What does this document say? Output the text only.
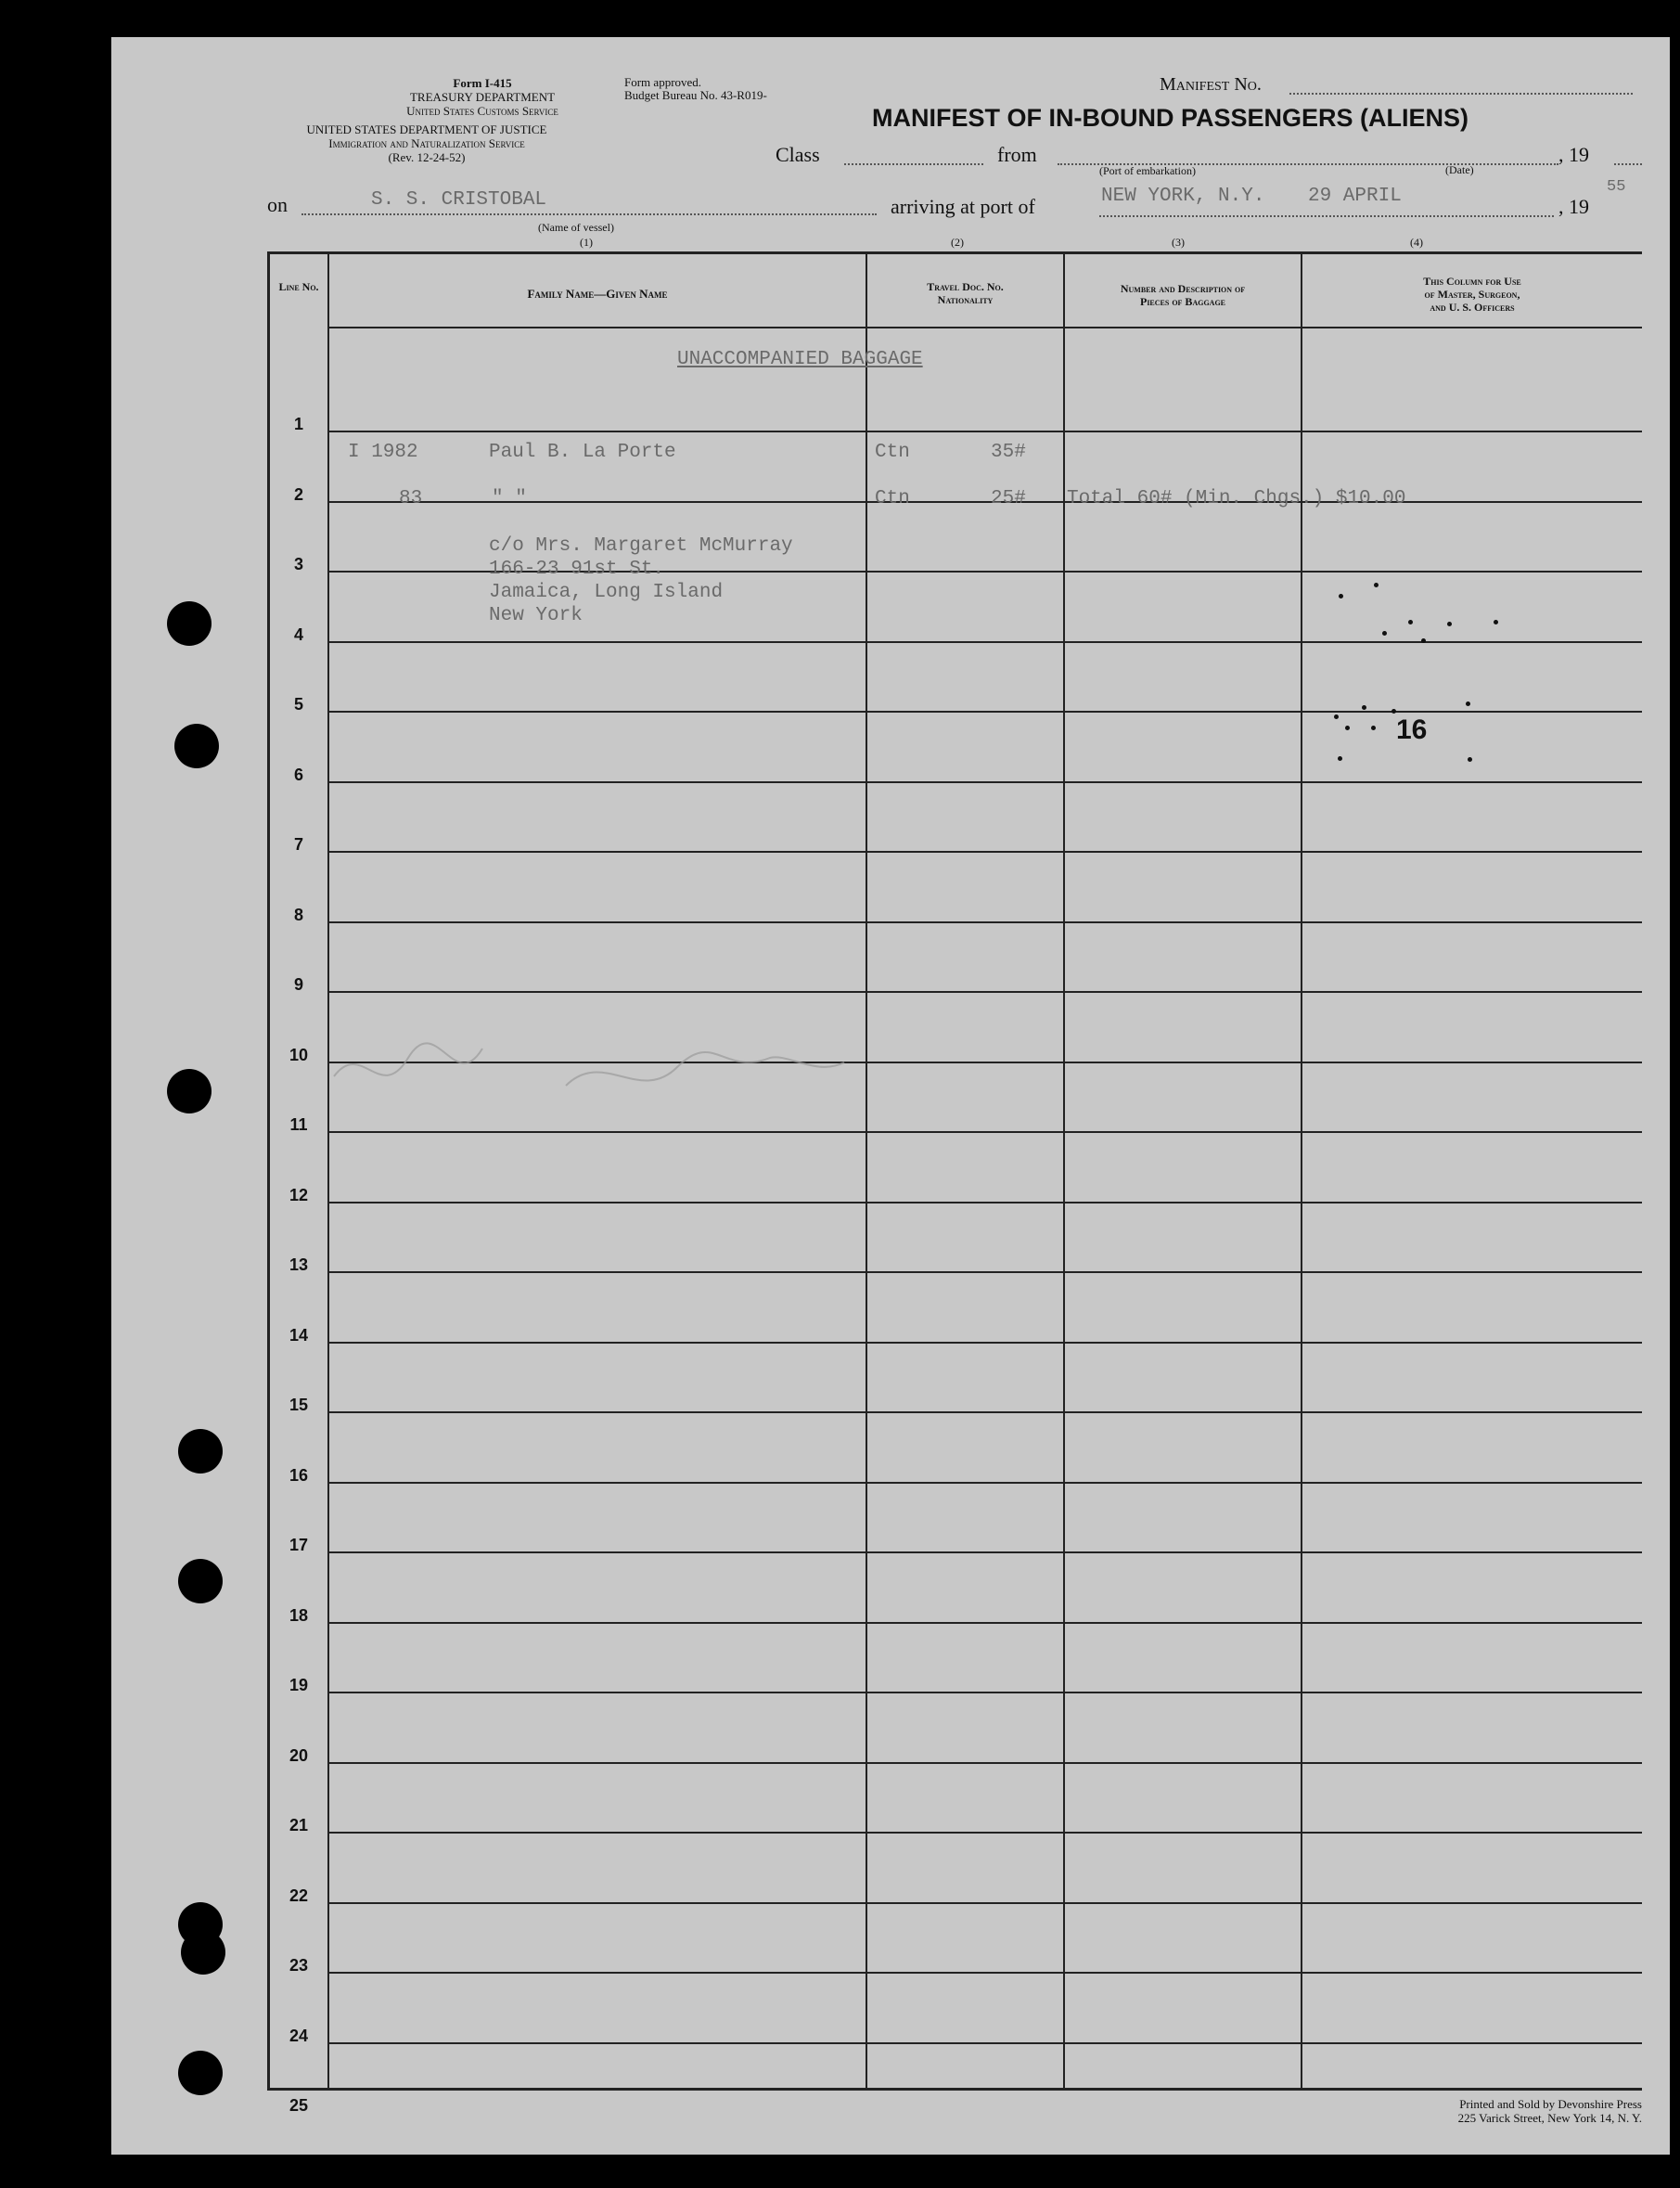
Form I-415
TREASURY DEPARTMENT
United States Customs Service
UNITED STATES DEPARTMENT OF JUSTICE
Immigration and Naturalization Service
(Rev. 12-24-52)
Form approved.
Budget Bureau No. 43-R019-
Manifest No.
MANIFEST OF IN-BOUND PASSENGERS (ALIENS)
Class	from
(Date)
, 19
(Port of embarkation)
on	S. S. CRISTOBAL	arriving at port of	NEW YORK, N.Y. 29 APRIL	, 19
55
(Name of vessel)
(1)	(2)	(3)	(4)
Line No.	Family Name—Given Name	Travel Doc. No.
Nationality
Number and Description of
Pieces of Baggage
This Column for Use
of Master, Surgeon,
and U. S. Officers
1
2
3
4
5
6
7
8
9
10
11
12
13
14
15
16
17
18
19
20
21
22
23
24
25
UNACCOMPANIED BAGGAGE
I 1982	Paul B. La Porte	Ctn	35#
83	" "	Ctn	25# Total 60# (Min. Chgs.) $10.00
c/o Mrs. Margaret McMurray
166-23 91st St.
Jamaica, Long Island
New York
16
Printed and Sold by Devonshire Press
225 Varick Street, New York 14, N. Y.
